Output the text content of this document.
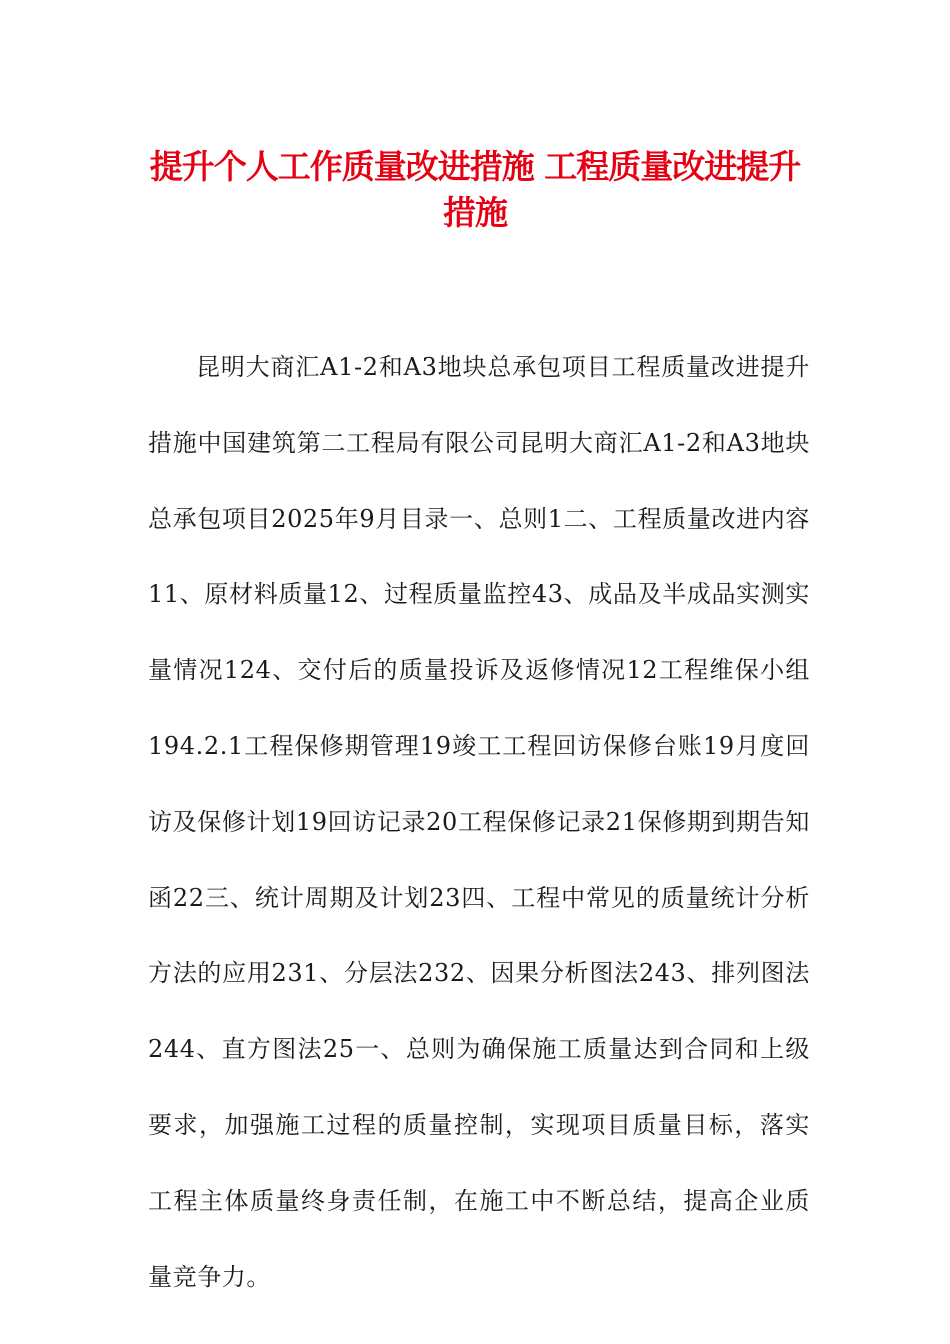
提升个人工作质量改进措施 工程质量改进提升措施

昆明大商汇A1-2和A3地块总承包项目工程质量改进提升措施中国建筑第二工程局有限公司昆明大商汇A1-2和A3地块总承包项目2025年9月目录一、总则1二、工程质量改进内容11、原材料质量12、过程质量监控43、成品及半成品实测实量情况124、交付后的质量投诉及返修情况12工程维保小组194.2.1工程保修期管理19竣工工程回访保修台账19月度回访及保修计划19回访记录20工程保修记录21保修期到期告知函22三、统计周期及计划23四、工程中常见的质量统计分析方法的应用231、分层法232、因果分析图法243、排列图法244、直方图法25一、总则为确保施工质量达到合同和上级要求，加强施工过程的质量控制，实现项目质量目标，落实工程主体质量终身责任制，在施工中不断总结，提高企业质量竞争力。
